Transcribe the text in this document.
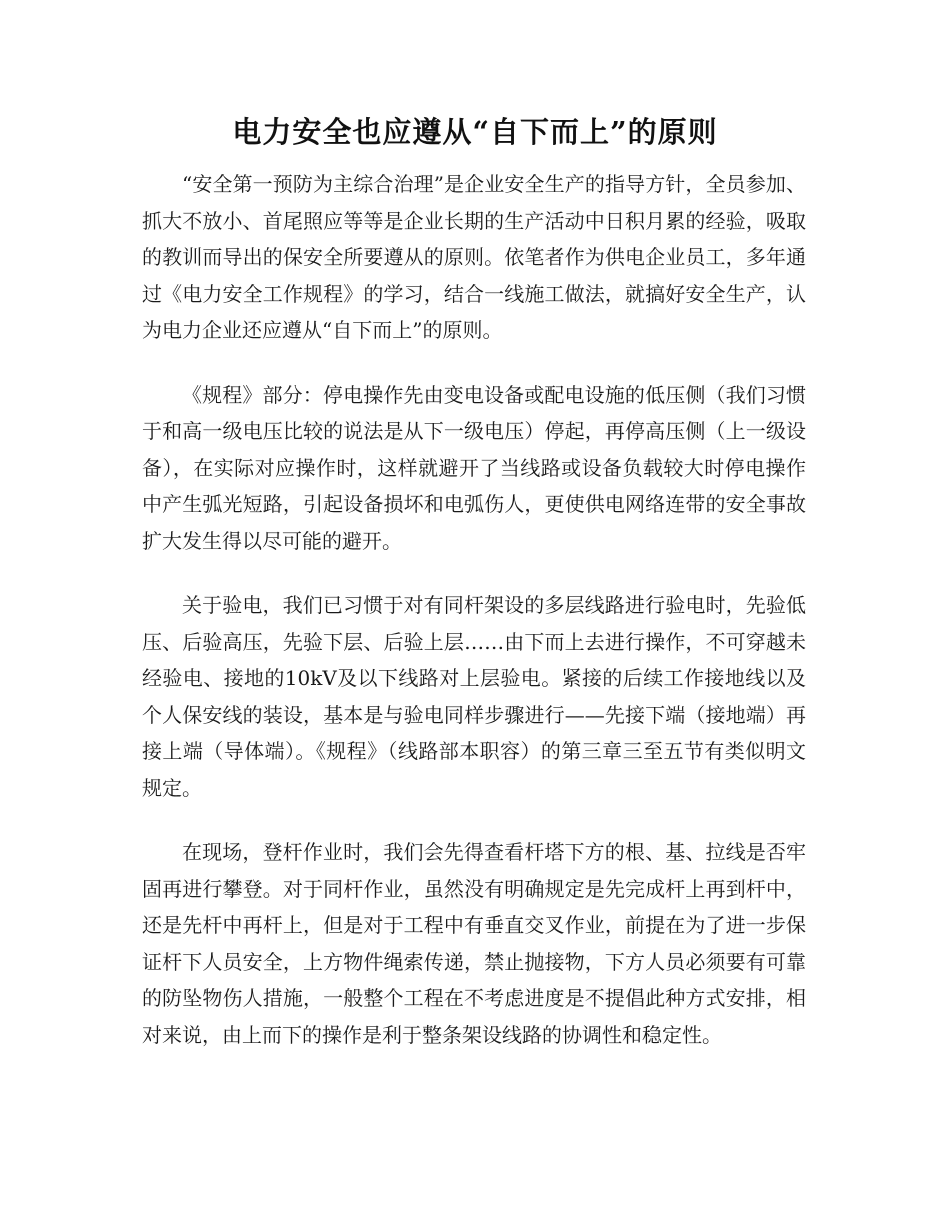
电力安全也应遵从“自下而上”的原则

“安全第一预防为主综合治理”是企业安全生产的指导方针，全员参加、抓大不放小、首尾照应等等是企业长期的生产活动中日积月累的经验，吸取的教训而导出的保安全所要遵从的原则。依笔者作为供电企业员工，多年通过《电力安全工作规程》的学习，结合一线施工做法，就搞好安全生产，认为电力企业还应遵从“自下而上”的原则。

《规程》部分：停电操作先由变电设备或配电设施的低压侧（我们习惯于和高一级电压比较的说法是从下一级电压）停起，再停高压侧（上一级设备），在实际对应操作时，这样就避开了当线路或设备负载较大时停电操作中产生弧光短路，引起设备损坏和电弧伤人，更使供电网络连带的安全事故扩大发生得以尽可能的避开。

关于验电，我们已习惯于对有同杆架设的多层线路进行验电时，先验低压、后验高压，先验下层、后验上层……由下而上去进行操作，不可穿越未经验电、接地的10kV及以下线路对上层验电。紧接的后续工作接地线以及个人保安线的装设，基本是与验电同样步骤进行——先接下端（接地端）再接上端（导体端）。《规程》（线路部本职容）的第三章三至五节有类似明文规定。

在现场，登杆作业时，我们会先得查看杆塔下方的根、基、拉线是否牢固再进行攀登。对于同杆作业，虽然没有明确规定是先完成杆上再到杆中，还是先杆中再杆上，但是对于工程中有垂直交叉作业，前提在为了进一步保证杆下人员安全，上方物件绳索传递，禁止抛接物，下方人员必须要有可靠的防坠物伤人措施，一般整个工程在不考虑进度是不提倡此种方式安排，相对来说，由上而下的操作是利于整条架设线路的协调性和稳定性。
